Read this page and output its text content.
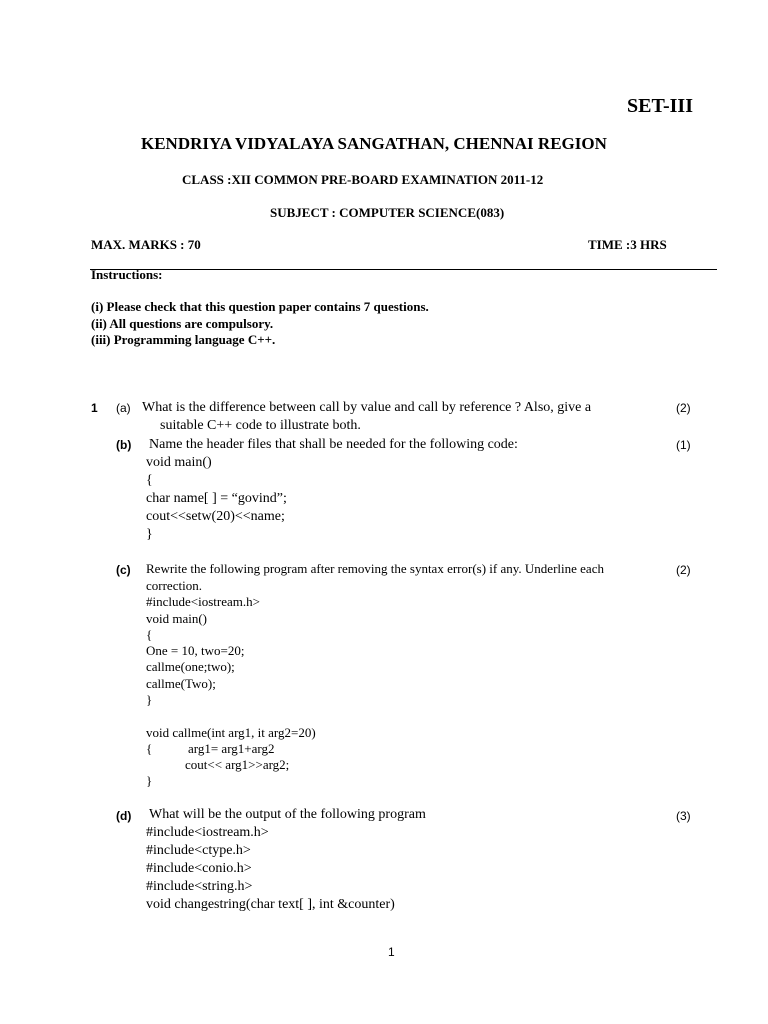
SET-III
KENDRIYA VIDYALAYA SANGATHAN, CHENNAI REGION
CLASS :XII COMMON PRE-BOARD EXAMINATION 2011-12
SUBJECT : COMPUTER SCIENCE(083)
MAX. MARKS : 70	TIME :3 HRS
Instructions:
(i) Please check that this question paper contains 7 questions.
(ii) All questions are compulsory.
(iii) Programming language C++.
1 (a) What is the difference between call by value and call by reference ? Also, give a
suitable C++ code to illustrate both.
(2)
(b) Name the header files that shall be needed for the following code:	(1)
void main()
{
char name[ ] = “govind”;
cout<<setw(20)<<name;
}
(c) Rewrite the following program after removing the syntax error(s) if any. Underline each
correction.
(2)
#include<iostream.h>
void main()
{
One = 10, two=20;
callme(one;two);
callme(Two);
}
void callme(int arg1, it arg2=20)
{           arg1= arg1+arg2
cout<< arg1>>arg2;
}
(d) What will be the output of the following program	(3)
#include<iostream.h>
#include<ctype.h>
#include<conio.h>
#include<string.h>
void changestring(char text[ ], int &counter)
1
